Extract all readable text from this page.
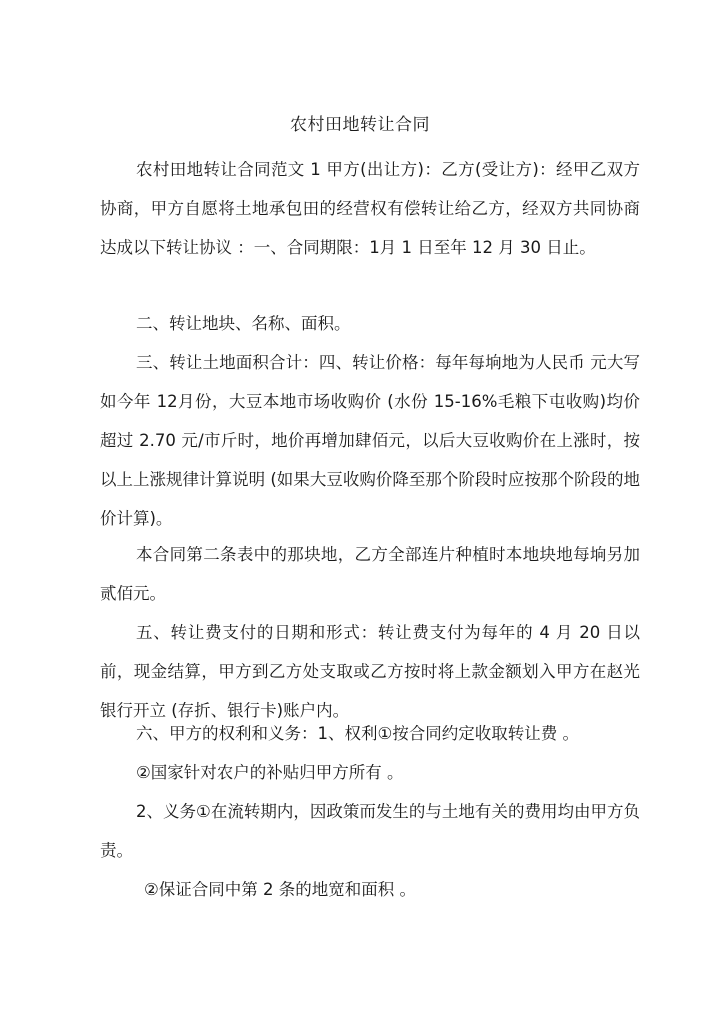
农村田地转让合同

农村田地转让合同范文 1 甲方(出让方)：乙方(受让方)：经甲乙双方协商，甲方自愿将土地承包田的经营权有偿转让给乙方，经双方共同协商达成以下转让协议 ：一、合同期限：1月 1 日至年 12 月 30 日止。

二、转让地块、名称、面积。

三、转让土地面积合计：四、转让价格：每年每垧地为人民币 元大写 如今年 12月份，大豆本地市场收购价 (水份 15-16%毛粮下屯收购)均价超过 2.70 元/市斤时，地价再增加肆佰元，以后大豆收购价在上涨时，按以上上涨规律计算说明 (如果大豆收购价降至那个阶段时应按那个阶段的地价计算)。

本合同第二条表中的那块地，乙方全部连片种植时本地块地每垧另加贰佰元。

五、转让费支付的日期和形式：转让费支付为每年的 4 月 20 日以前，现金结算，甲方到乙方处支取或乙方按时将上款金额划入甲方在赵光银行开立 (存折、银行卡)账户内。

六、甲方的权利和义务：1、权利①按合同约定收取转让费 。

②国家针对农户的补贴归甲方所有 。

2、义务①在流转期内，因政策而发生的与土地有关的费用均由甲方负责。

②保证合同中第 2 条的地宽和面积 。
